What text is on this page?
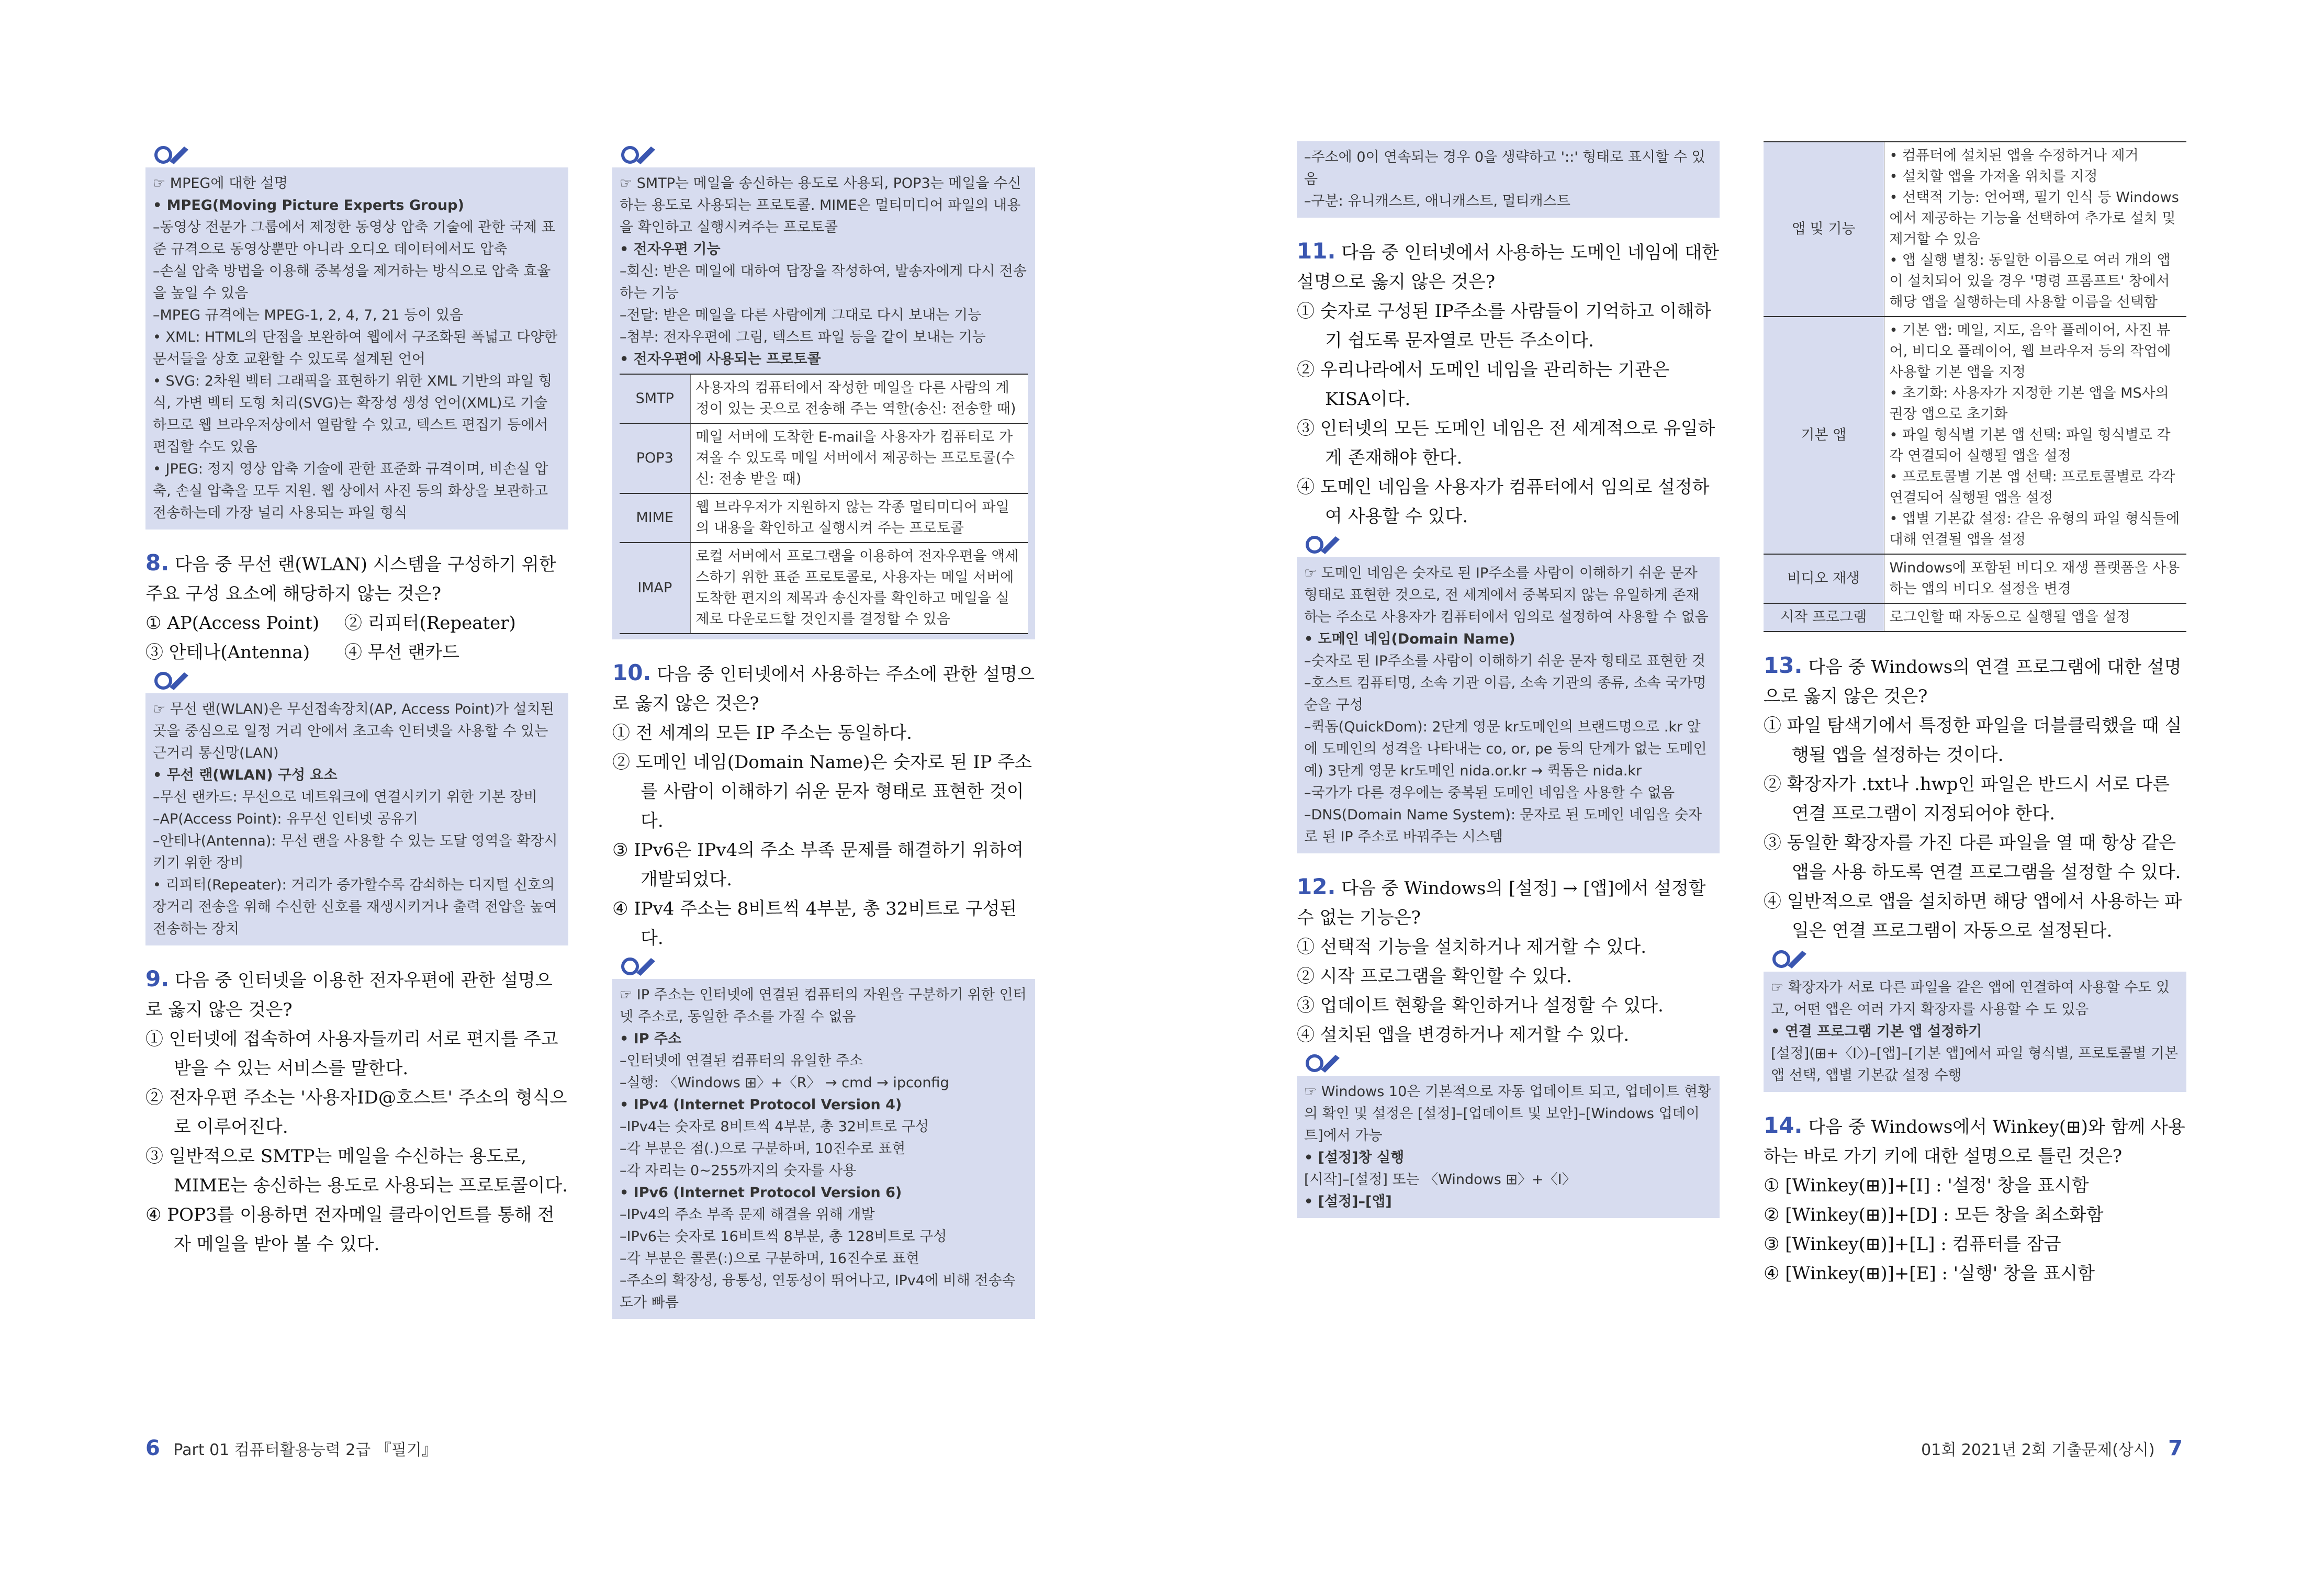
☞ MPEG에 대한 설명

• MPEG(Moving Picture Experts Group)

–동영상 전문가 그룹에서 제정한 동영상 압축 기술에 관한 국제 표준 규격으로 동영상뿐만 아니라 오디오 데이터에서도 압축

–손실 압축 방법을 이용해 중복성을 제거하는 방식으로 압축 효율을 높일 수 있음

–MPEG 규격에는 MPEG-1, 2, 4, 7, 21 등이 있음

• XML: HTML의 단점을 보완하여 웹에서 구조화된 폭넓고 다양한 문서들을 상호 교환할 수 있도록 설계된 언어

• SVG: 2차원 벡터 그래픽을 표현하기 위한 XML 기반의 파일 형식, 가변 벡터 도형 처리(SVG)는 확장성 생성 언어(XML)로 기술하므로 웹 브라우저상에서 열람할 수 있고, 텍스트 편집기 등에서 편집할 수도 있음

• JPEG: 정지 영상 압축 기술에 관한 표준화 규격이며, 비손실 압축, 손실 압축을 모두 지원. 웹 상에서 사진 등의 화상을 보관하고 전송하는데 가장 널리 사용되는 파일 형식

8. 다음 중 무선 랜(WLAN) 시스템을 구성하기 위한 주요 구성 요소에 해당하지 않는 것은?
① AP(Access Point)	② 리피터(Repeater)
③ 안테나(Antenna)	④ 무선 랜카드

☞ 무선 랜(WLAN)은 무선접속장치(AP, Access Point)가 설치된 곳을 중심으로 일정 거리 안에서 초고속 인터넷을 사용할 수 있는 근거리 통신망(LAN)

• 무선 랜(WLAN) 구성 요소

–무선 랜카드: 무선으로 네트워크에 연결시키기 위한 기본 장비

–AP(Access Point): 유무선 인터넷 공유기

–안테나(Antenna): 무선 랜을 사용할 수 있는 도달 영역을 확장시키기 위한 장비

• 리피터(Repeater): 거리가 증가할수록 감쇠하는 디지털 신호의 장거리 전송을 위해 수신한 신호를 재생시키거나 출력 전압을 높여 전송하는 장치

9. 다음 중 인터넷을 이용한 전자우편에 관한 설명으로 옳지 않은 것은?
① 인터넷에 접속하여 사용자들끼리 서로 편지를 주고받을 수 있는 서비스를 말한다.
② 전자우편 주소는 '사용자ID@호스트' 주소의 형식으로 이루어진다.
③ 일반적으로 SMTP는 메일을 수신하는 용도로, MIME는 송신하는 용도로 사용되는 프로토콜이다.
④ POP3를 이용하면 전자메일 클라이언트를 통해 전자 메일을 받아 볼 수 있다.

☞ SMTP는 메일을 송신하는 용도로 사용되, POP3는 메일을 수신하는 용도로 사용되는 프로토콜. MIME은 멀티미디어 파일의 내용을 확인하고 실행시켜주는 프로토콜

• 전자우편 기능

–회신: 받은 메일에 대하여 답장을 작성하여, 발송자에게 다시 전송하는 기능

–전달: 받은 메일을 다른 사람에게 그대로 다시 보내는 기능

–첨부: 전자우편에 그림, 텍스트 파일 등을 같이 보내는 기능

• 전자우편에 사용되는 프로토콜

SMTP	사용자의 컴퓨터에서 작성한 메일을 다른 사람의 계정이 있는 곳으로 전송해 주는 역할(송신: 전송할 때)
POP3	메일 서버에 도착한 E-mail을 사용자가 컴퓨터로 가져올 수 있도록 메일 서버에서 제공하는 프로토콜(수신: 전송 받을 때)
MIME	웹 브라우저가 지원하지 않는 각종 멀티미디어 파일의 내용을 확인하고 실행시켜 주는 프로토콜
IMAP	로컬 서버에서 프로그램을 이용하여 전자우편을 액세스하기 위한 표준 프로토콜로, 사용자는 메일 서버에 도착한 편지의 제목과 송신자를 확인하고 메일을 실제로 다운로드할 것인지를 결정할 수 있음
10. 다음 중 인터넷에서 사용하는 주소에 관한 설명으로 옳지 않은 것은?
① 전 세계의 모든 IP 주소는 동일하다.
② 도메인 네임(Domain Name)은 숫자로 된 IP 주소를 사람이 이해하기 쉬운 문자 형태로 표현한 것이다.
③ IPv6은 IPv4의 주소 부족 문제를 해결하기 위하여 개발되었다.
④ IPv4 주소는 8비트씩 4부분, 총 32비트로 구성된다.

☞ IP 주소는 인터넷에 연결된 컴퓨터의 자원을 구분하기 위한 인터넷 주소로, 동일한 주소를 가질 수 없음

• IP 주소

–인터넷에 연결된 컴퓨터의 유일한 주소

–실행: 〈Windows ⊞〉+〈R〉 → cmd → ipconfig

• IPv4 (Internet Protocol Version 4)

–IPv4는 숫자로 8비트씩 4부분, 총 32비트로 구성

–각 부분은 점(.)으로 구분하며, 10진수로 표현

–각 자리는 0~255까지의 숫자를 사용

• IPv6 (Internet Protocol Version 6)

–IPv4의 주소 부족 문제 해결을 위해 개발

–IPv6는 숫자로 16비트씩 8부분, 총 128비트로 구성

–각 부분은 콜론(:)으로 구분하며, 16진수로 표현

–주소의 확장성, 융통성, 연동성이 뛰어나고, IPv4에 비해 전송속도가 빠름

–주소에 0이 연속되는 경우 0을 생략하고 '::' 형태로 표시할 수 있음

–구분: 유니캐스트, 애니캐스트, 멀티캐스트

11. 다음 중 인터넷에서 사용하는 도메인 네임에 대한 설명으로 옳지 않은 것은?
① 숫자로 구성된 IP주소를 사람들이 기억하고 이해하기 쉽도록 문자열로 만든 주소이다.
② 우리나라에서 도메인 네임을 관리하는 기관은 KISA이다.
③ 인터넷의 모든 도메인 네임은 전 세계적으로 유일하게 존재해야 한다.
④ 도메인 네임을 사용자가 컴퓨터에서 임의로 설정하여 사용할 수 있다.

☞ 도메인 네임은 숫자로 된 IP주소를 사람이 이해하기 쉬운 문자 형태로 표현한 것으로, 전 세계에서 중복되지 않는 유일하게 존재하는 주소로 사용자가 컴퓨터에서 임의로 설정하여 사용할 수 없음

• 도메인 네임(Domain Name)

–숫자로 된 IP주소를 사람이 이해하기 쉬운 문자 형태로 표현한 것

–호스트 컴퓨터명, 소속 기관 이름, 소속 기관의 종류, 소속 국가명 순을 구성

–퀵돔(QuickDom): 2단계 영문 kr도메인의 브랜드명으로 .kr 앞에 도메인의 성격을 나타내는 co, or, pe 등의 단계가 없는 도메인

예) 3단계 영문 kr도메인 nida.or.kr → 퀵돔은 nida.kr

–국가가 다른 경우에는 중복된 도메인 네임을 사용할 수 없음

–DNS(Domain Name System): 문자로 된 도메인 네임을 숫자로 된 IP 주소로 바꿔주는 시스템

12. 다음 중 Windows의 [설정] → [앱]에서 설정할 수 없는 기능은?
① 선택적 기능을 설치하거나 제거할 수 있다.
② 시작 프로그램을 확인할 수 있다.
③ 업데이트 현황을 확인하거나 설정할 수 있다.
④ 설치된 앱을 변경하거나 제거할 수 있다.

☞ Windows 10은 기본적으로 자동 업데이트 되고, 업데이트 현황의 확인 및 설정은 [설정]–[업데이트 및 보안]–[Windows 업데이트]에서 가능

• [설정]창 실행

[시작]–[설정] 또는 〈Windows ⊞〉+〈I〉

• [설정]–[앱]

앱 및 기능	• 컴퓨터에 설치된 앱을 수정하거나 제거
• 설치할 앱을 가져올 위치를 지정
• 선택적 기능: 언어팩, 필기 인식 등 Windows에서 제공하는 기능을 선택하여 추가로 설치 및 제거할 수 있음
• 앱 실행 별칭: 동일한 이름으로 여러 개의 앱이 설치되어 있을 경우 '명령 프롬프트' 창에서 해당 앱을 실행하는데 사용할 이름을 선택함
기본 앱	• 기본 앱: 메일, 지도, 음악 플레이어, 사진 뷰어, 비디오 플레이어, 웹 브라우저 등의 작업에 사용할 기본 앱을 지정
• 초기화: 사용자가 지정한 기본 앱을 MS사의 권장 앱으로 초기화
• 파일 형식별 기본 앱 선택: 파일 형식별로 각각 연결되어 실행될 앱을 설정
• 프로토콜별 기본 앱 선택: 프로토콜별로 각각 연결되어 실행될 앱을 설정
• 앱별 기본값 설정: 같은 유형의 파일 형식들에 대해 연결될 앱을 설정
비디오 재생	Windows에 포함된 비디오 재생 플랫폼을 사용하는 앱의 비디오 설정을 변경
시작 프로그램	로그인할 때 자동으로 실행될 앱을 설정
13. 다음 중 Windows의 연결 프로그램에 대한 설명으로 옳지 않은 것은?
① 파일 탐색기에서 특정한 파일을 더블클릭했을 때 실행될 앱을 설정하는 것이다.
② 확장자가 .txt나 .hwp인 파일은 반드시 서로 다른 연결 프로그램이 지정되어야 한다.
③ 동일한 확장자를 가진 다른 파일을 열 때 항상 같은 앱을 사용 하도록 연결 프로그램을 설정할 수 있다.
④ 일반적으로 앱을 설치하면 해당 앱에서 사용하는 파일은 연결 프로그램이 자동으로 설정된다.

☞ 확장자가 서로 다른 파일을 같은 앱에 연결하여 사용할 수도 있고, 어떤 앱은 여러 가지 확장자를 사용할 수 도 있음

• 연결 프로그램 기본 앱 설정하기

[설정](⊞+〈I〉)–[앱]–[기본 앱]에서 파일 형식별, 프로토콜별 기본 앱 선택, 앱별 기본값 설정 수행

14. 다음 중 Windows에서 Winkey(⊞)와 함께 사용하는 바로 가기 키에 대한 설명으로 틀린 것은?
① [Winkey(⊞)]+[I] : '설정' 창을 표시함
② [Winkey(⊞)]+[D] : 모든 창을 최소화함
③ [Winkey(⊞)]+[L] : 컴퓨터를 잠금
④ [Winkey(⊞)]+[E] : '실행' 창을 표시함
6 Part 01 컴퓨터활용능력 2급 『필기』	01회 2021년 2회 기출문제(상시) 7
